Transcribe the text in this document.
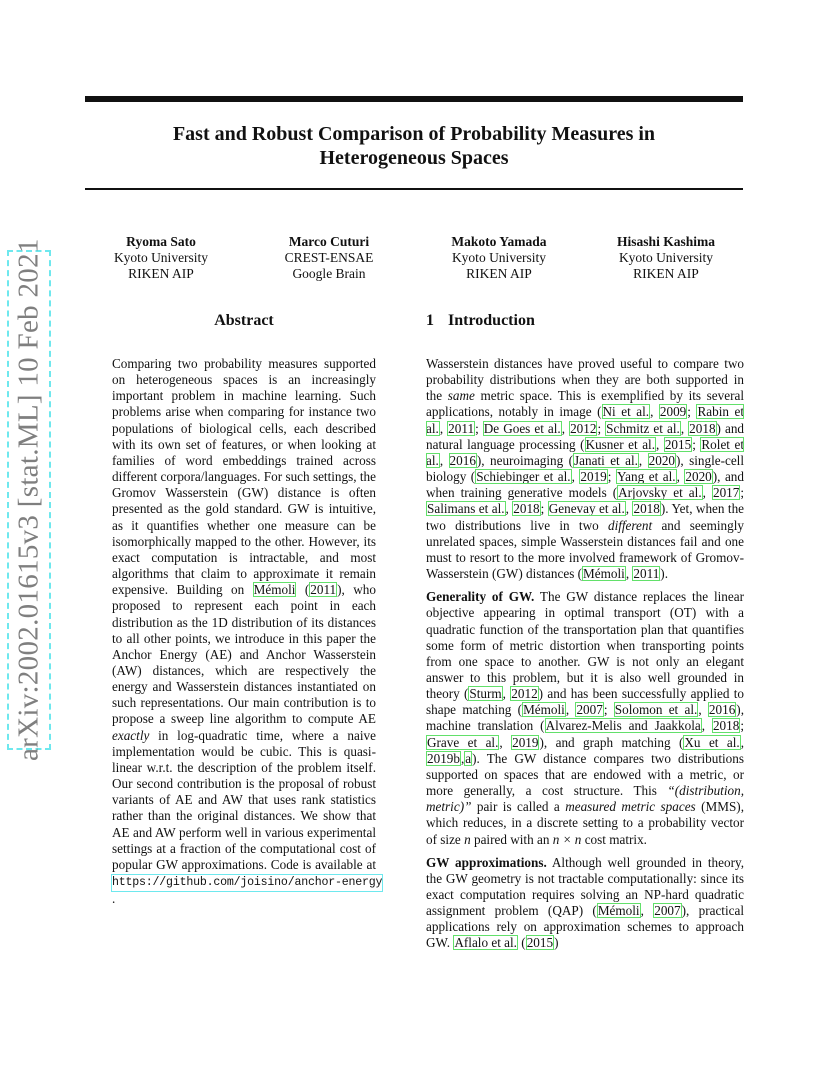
arXiv:2002.01615v3 [stat.ML] 10 Feb 2021
Fast and Robust Comparison of Probability Measures in
Heterogeneous Spaces
Ryoma Sato
Kyoto University
RIKEN AIP
Marco Cuturi
CREST-ENSAE
Google Brain
Makoto Yamada
Kyoto University
RIKEN AIP
Hisashi Kashima
Kyoto University
RIKEN AIP
Abstract

Comparing two probability measures supported on heterogeneous spaces is an increasingly important problem in machine learning. Such problems arise when comparing for instance two populations of biological cells, each described with its own set of features, or when looking at families of word embeddings trained across different corpora/languages. For such settings, the Gromov Wasserstein (GW) distance is often presented as the gold standard. GW is intuitive, as it quantifies whether one measure can be isomorphically mapped to the other. However, its exact computation is intractable, and most algorithms that claim to approximate it remain expensive. Building on Mémoli (2011), who proposed to represent each point in each distribution as the 1D distribution of its distances to all other points, we introduce in this paper the Anchor Energy (AE) and Anchor Wasserstein (AW) distances, which are respectively the energy and Wasserstein distances instantiated on such representations. Our main contribution is to propose a sweep line algorithm to compute AE exactly in log-quadratic time, where a naive implementation would be cubic. This is quasi-linear w.r.t. the description of the problem itself. Our second contribution is the proposal of robust variants of AE and AW that uses rank statistics rather than the original distances. We show that AE and AW perform well in various experimental settings at a fraction of the computational cost of popular GW approximations. Code is available at https://github.com/joisino/anchor-energy.

1 Introduction

Wasserstein distances have proved useful to compare two probability distributions when they are both supported in the same metric space. This is exemplified by its several applications, notably in image (Ni et al., 2009; Rabin et al., 2011; De Goes et al., 2012; Schmitz et al., 2018) and natural language processing (Kusner et al., 2015; Rolet et al., 2016), neuroimaging (Janati et al., 2020), single-cell biology (Schiebinger et al., 2019; Yang et al., 2020), and when training generative models (Arjovsky et al., 2017; Salimans et al., 2018; Genevay et al., 2018). Yet, when the two distributions live in two different and seemingly unrelated spaces, simple Wasserstein distances fail and one must to resort to the more involved framework of Gromov-Wasserstein (GW) distances (Mémoli, 2011).

Generality of GW. The GW distance replaces the linear objective appearing in optimal transport (OT) with a quadratic function of the transportation plan that quantifies some form of metric distortion when transporting points from one space to another. GW is not only an elegant answer to this problem, but it is also well grounded in theory (Sturm, 2012) and has been successfully applied to shape matching (Mémoli, 2007; Solomon et al., 2016), machine translation (Alvarez-Melis and Jaakkola, 2018; Grave et al., 2019), and graph matching (Xu et al., 2019b,a). The GW distance compares two distributions supported on spaces that are endowed with a metric, or more generally, a cost structure. This “(distribution, metric)” pair is called a measured metric spaces (MMS), which reduces, in a discrete setting to a probability vector of size n paired with an n × n cost matrix.

GW approximations. Although well grounded in theory, the GW geometry is not tractable computationally: since its exact computation requires solving an NP-hard quadratic assignment problem (QAP) (Mémoli, 2007), practical applications rely on approximation schemes to approach GW. Aflalo et al. (2015)
